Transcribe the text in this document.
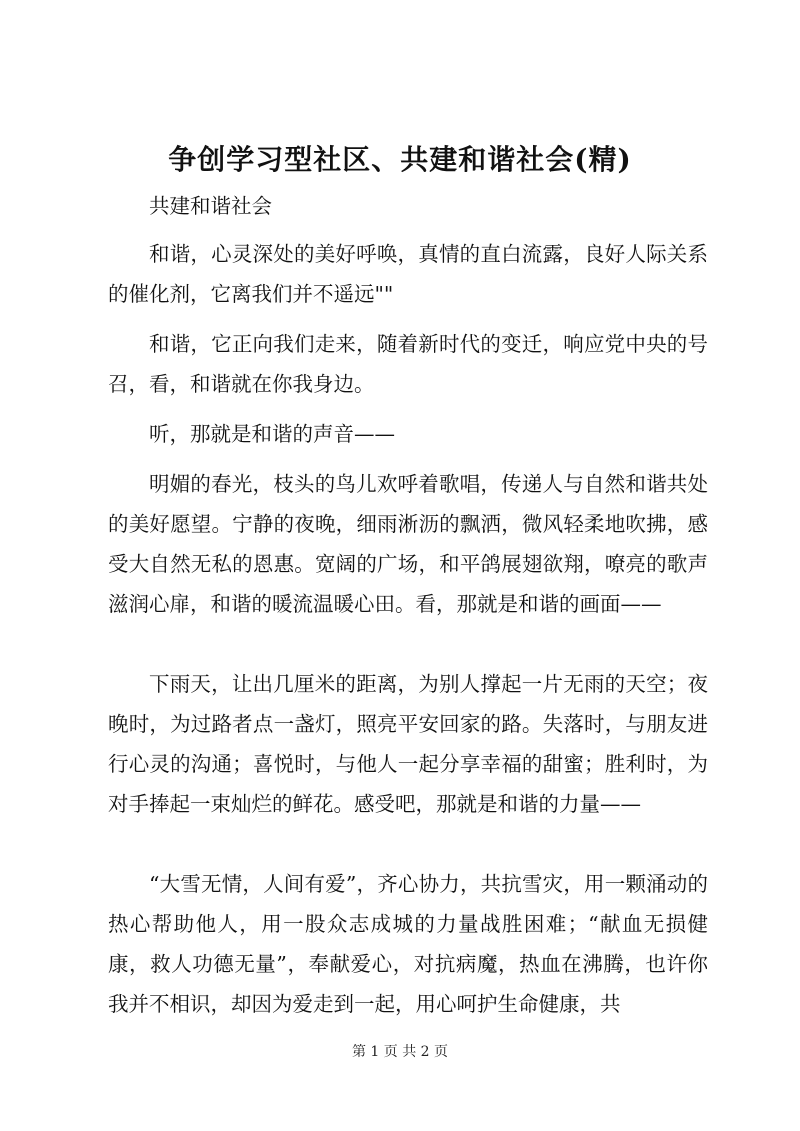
争创学习型社区、共建和谐社会(精)

共建和谐社会

和谐，心灵深处的美好呼唤，真情的直白流露，良好人际关系的催化剂，它离我们并不遥远""

和谐，它正向我们走来，随着新时代的变迁，响应党中央的号召，看，和谐就在你我身边。

听，那就是和谐的声音——

明媚的春光，枝头的鸟儿欢呼着歌唱，传递人与自然和谐共处的美好愿望。宁静的夜晚，细雨淅沥的飘洒，微风轻柔地吹拂，感受大自然无私的恩惠。宽阔的广场，和平鸽展翅欲翔，嘹亮的歌声滋润心扉，和谐的暖流温暖心田。看，那就是和谐的画面——

下雨天，让出几厘米的距离，为别人撑起一片无雨的天空；夜晚时，为过路者点一盏灯，照亮平安回家的路。失落时，与朋友进行心灵的沟通；喜悦时，与他人一起分享幸福的甜蜜；胜利时，为对手捧起一束灿烂的鲜花。感受吧，那就是和谐的力量——

“大雪无情，人间有爱”，齐心协力，共抗雪灾，用一颗涌动的热心帮助他人，用一股众志成城的力量战胜困难；“献血无损健康，救人功德无量”，奉献爱心，对抗病魔，热血在沸腾，也许你我并不相识，却因为爱走到一起，用心呵护生命健康，共

第 1 页 共 2 页
